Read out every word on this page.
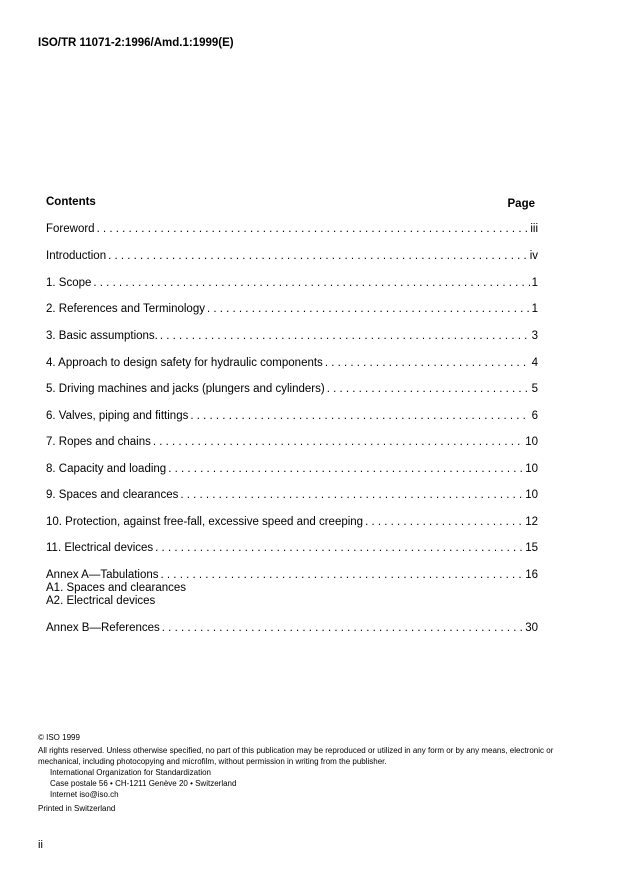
ISO/TR 11071-2:1996/Amd.1:1999(E)
Contents	Page
Foreword . . .	iii
Introduction . . .	iv
1. Scope . . .	1
2. References and Terminology . . .	1
3. Basic assumptions. . . .	3
4. Approach to design safety for hydraulic components . . .	4
5. Driving machines and jacks (plungers and cylinders) . . .	5
6. Valves, piping and fittings . . .	6
7. Ropes and chains . . .	10
8. Capacity and loading . . .	10
9. Spaces and clearances . . .	10
10. Protection, against free-fall, excessive speed and creeping . . .	12
11. Electrical devices . . .	15
Annex A—Tabulations . . .	16
A1. Spaces and clearances
A2. Electrical devices
Annex B—References . . .	30
© ISO 1999
All rights reserved. Unless otherwise specified, no part of this publication may be reproduced or utilized in any form or by any means, electronic or mechanical, including photocopying and microfilm, without permission in writing from the publisher.
International Organization for Standardization
Case postale 56 • CH-1211 Genève 20 • Switzerland
Internet iso@iso.ch
Printed in Switzerland
ii
